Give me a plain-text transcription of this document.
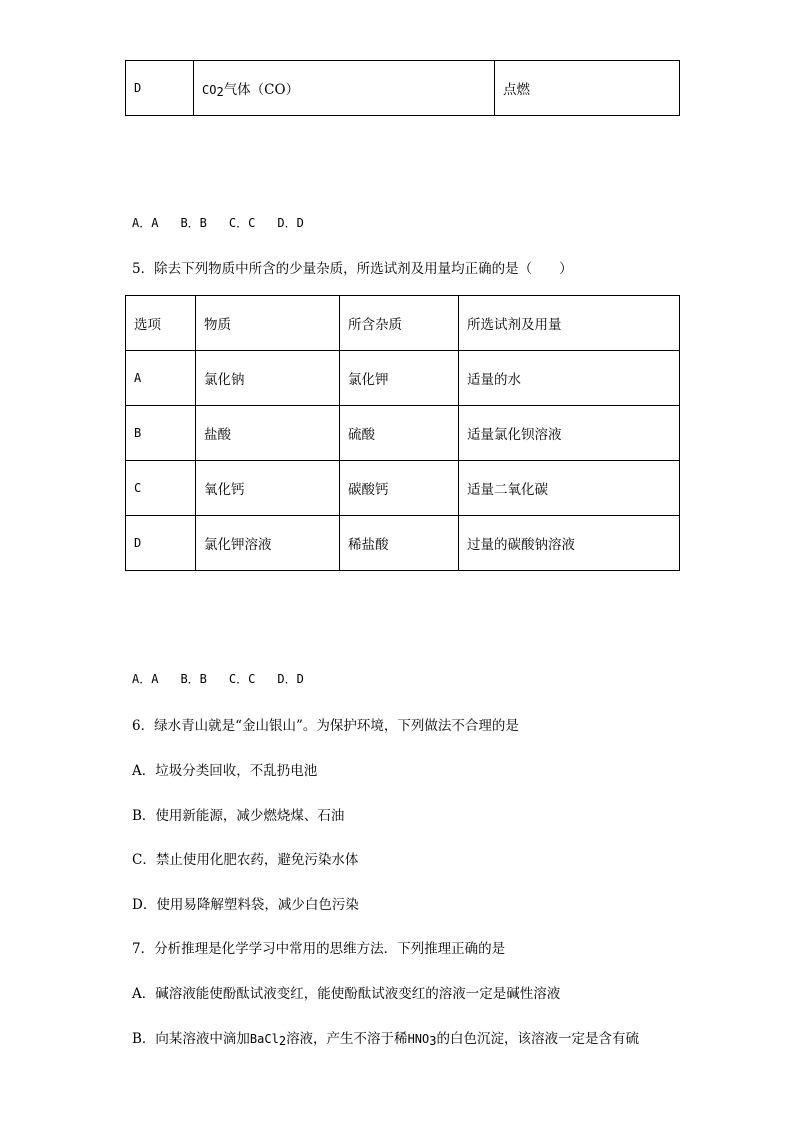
D	$CO_2$气体（CO）	点燃
A．A B．B C．C D．D
5．除去下列物质中所含的少量杂质，所选试剂及用量均正确的是（　　）
选项	物质	所含杂质	所选试剂及用量
A	氯化钠	氯化钾	适量的水
B	盐酸	硫酸	适量氯化钡溶液
C	氧化钙	碳酸钙	适量二氧化碳
D	氯化钾溶液	稀盐酸	过量的碳酸钠溶液
A．A B．B C．C D．D
6．绿水青山就是“金山银山”。为保护环境，下列做法不合理的是
A．垃圾分类回收，不乱扔电池
B．使用新能源，减少燃烧煤、石油
C．禁止使用化肥农药，避免污染水体
D．使用易降解塑料袋，减少白色污染
7．分析推理是化学学习中常用的思维方法．下列推理正确的是
A．碱溶液能使酚酞试液变红，能使酚酞试液变红的溶液一定是碱性溶液
B．向某溶液中滴加BaCl$_2$溶液，产生不溶于稀$HNO_3$的白色沉淀，该溶液一定是含有硫
